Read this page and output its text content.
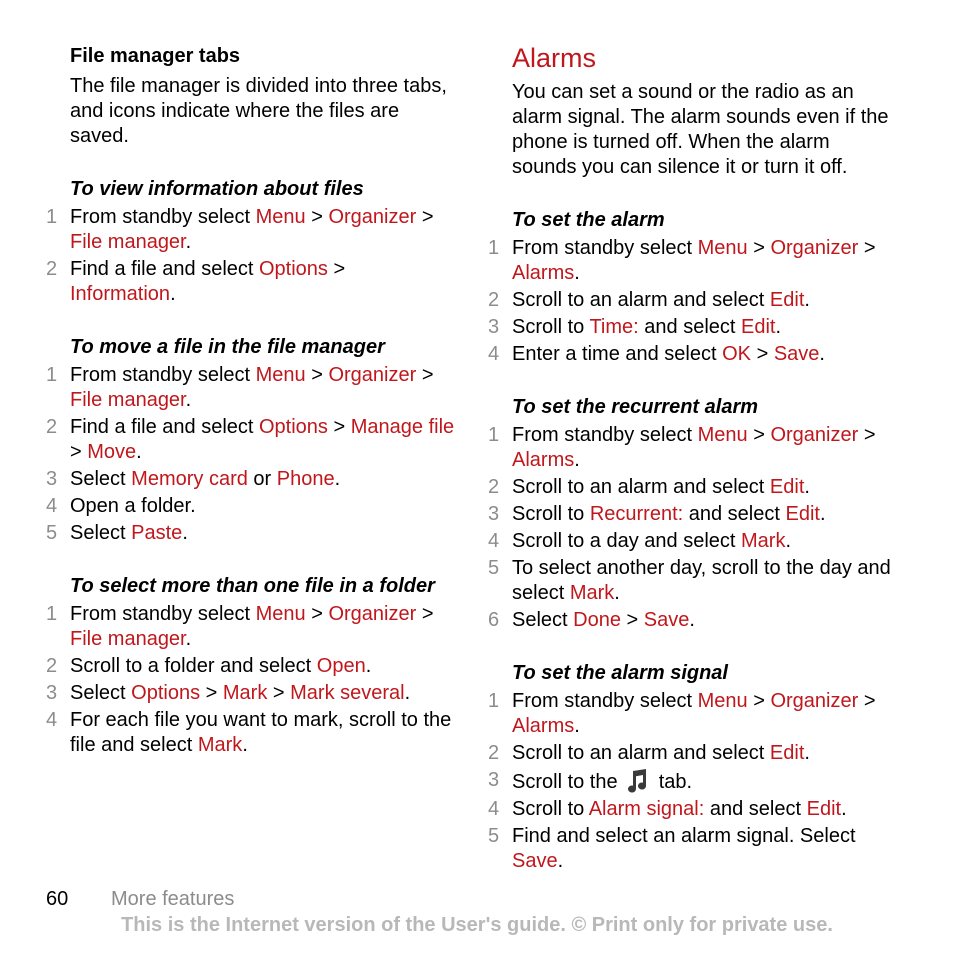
File manager tabs
The file manager is divided into three tabs, and icons indicate where the files are saved.
To view information about files
1 From standby select Menu > Organizer > File manager.
2 Find a file and select Options > Information.
To move a file in the file manager
1 From standby select Menu > Organizer > File manager.
2 Find a file and select Options > Manage file > Move.
3 Select Memory card or Phone.
4 Open a folder.
5 Select Paste.
To select more than one file in a folder
1 From standby select Menu > Organizer > File manager.
2 Scroll to a folder and select Open.
3 Select Options > Mark > Mark several.
4 For each file you want to mark, scroll to the file and select Mark.
Alarms
You can set a sound or the radio as an alarm signal. The alarm sounds even if the phone is turned off. When the alarm sounds you can silence it or turn it off.
To set the alarm
1 From standby select Menu > Organizer > Alarms.
2 Scroll to an alarm and select Edit.
3 Scroll to Time: and select Edit.
4 Enter a time and select OK > Save.
To set the recurrent alarm
1 From standby select Menu > Organizer > Alarms.
2 Scroll to an alarm and select Edit.
3 Scroll to Recurrent: and select Edit.
4 Scroll to a day and select Mark.
5 To select another day, scroll to the day and select Mark.
6 Select Done > Save.
To set the alarm signal
1 From standby select Menu > Organizer > Alarms.
2 Scroll to an alarm and select Edit.
3 Scroll to the  tab.
4 Scroll to Alarm signal: and select Edit.
5 Find and select an alarm signal. Select Save.
60 More features
This is the Internet version of the User's guide. © Print only for private use.
